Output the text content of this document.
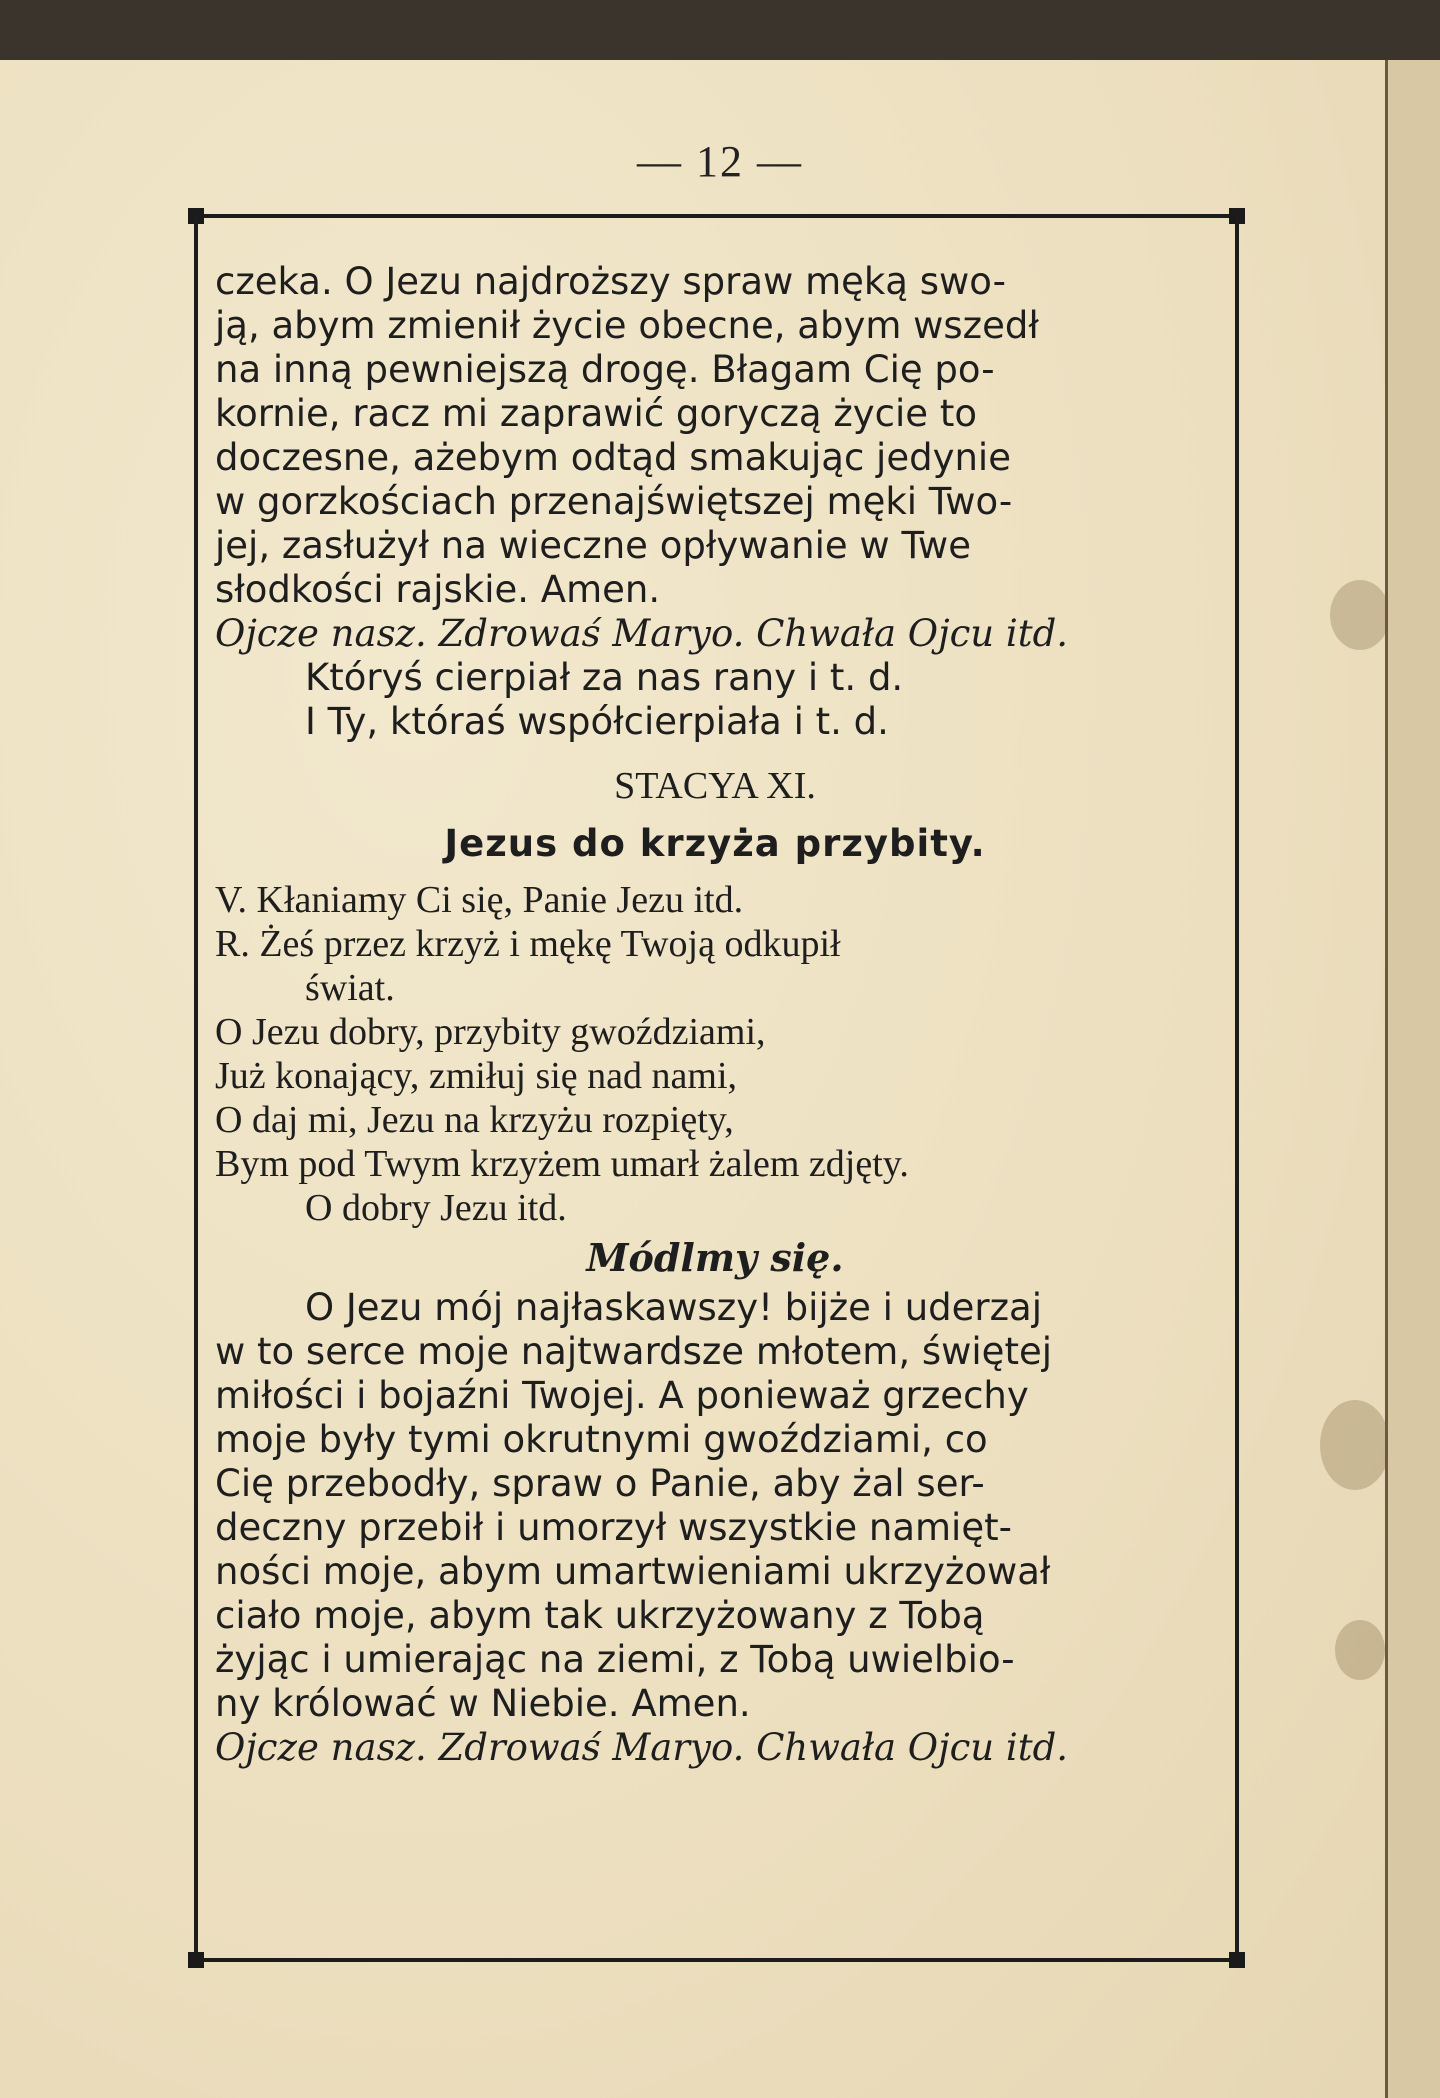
— 12 —
czeka. O Jezu najdroższy spraw męką swo-
ją, abym zmienił życie obecne, abym wszedł
na inną pewniejszą drogę. Błagam Cię po-
kornie, racz mi zaprawić goryczą życie to
doczesne, ażebym odtąd smakując jedynie
w gorzkościach przenajświętszej męki Two-
jej, zasłużył na wieczne opływanie w Twe
słodkości rajskie. Amen.
Ojcze nasz. Zdrowaś Maryo. Chwała Ojcu itd.
Któryś cierpiał za nas rany i t. d.
I Ty, któraś współcierpiała i t. d.
STACYA XI.
Jezus do krzyża przybity.
V. Kłaniamy Ci się, Panie Jezu itd.
R. Żeś przez krzyż i mękę Twoją odkupił
świat.
O Jezu dobry, przybity gwoździami,
Już konający, zmiłuj się nad nami,
O daj mi, Jezu na krzyżu rozpięty,
Bym pod Twym krzyżem umarł żalem zdjęty.
O dobry Jezu itd.
Módlmy się.
O Jezu mój najłaskawszy! bijże i uderzaj
w to serce moje najtwardsze młotem, świętej
miłości i bojaźni Twojej. A ponieważ grzechy
moje były tymi okrutnymi gwoździami, co
Cię przebodły, spraw o Panie, aby żal ser-
deczny przebił i umorzył wszystkie namięt-
ności moje, abym umartwieniami ukrzyżował
ciało moje, abym tak ukrzyżowany z Tobą
żyjąc i umierając na ziemi, z Tobą uwielbio-
ny królować w Niebie. Amen.
Ojcze nasz. Zdrowaś Maryo. Chwała Ojcu itd.
